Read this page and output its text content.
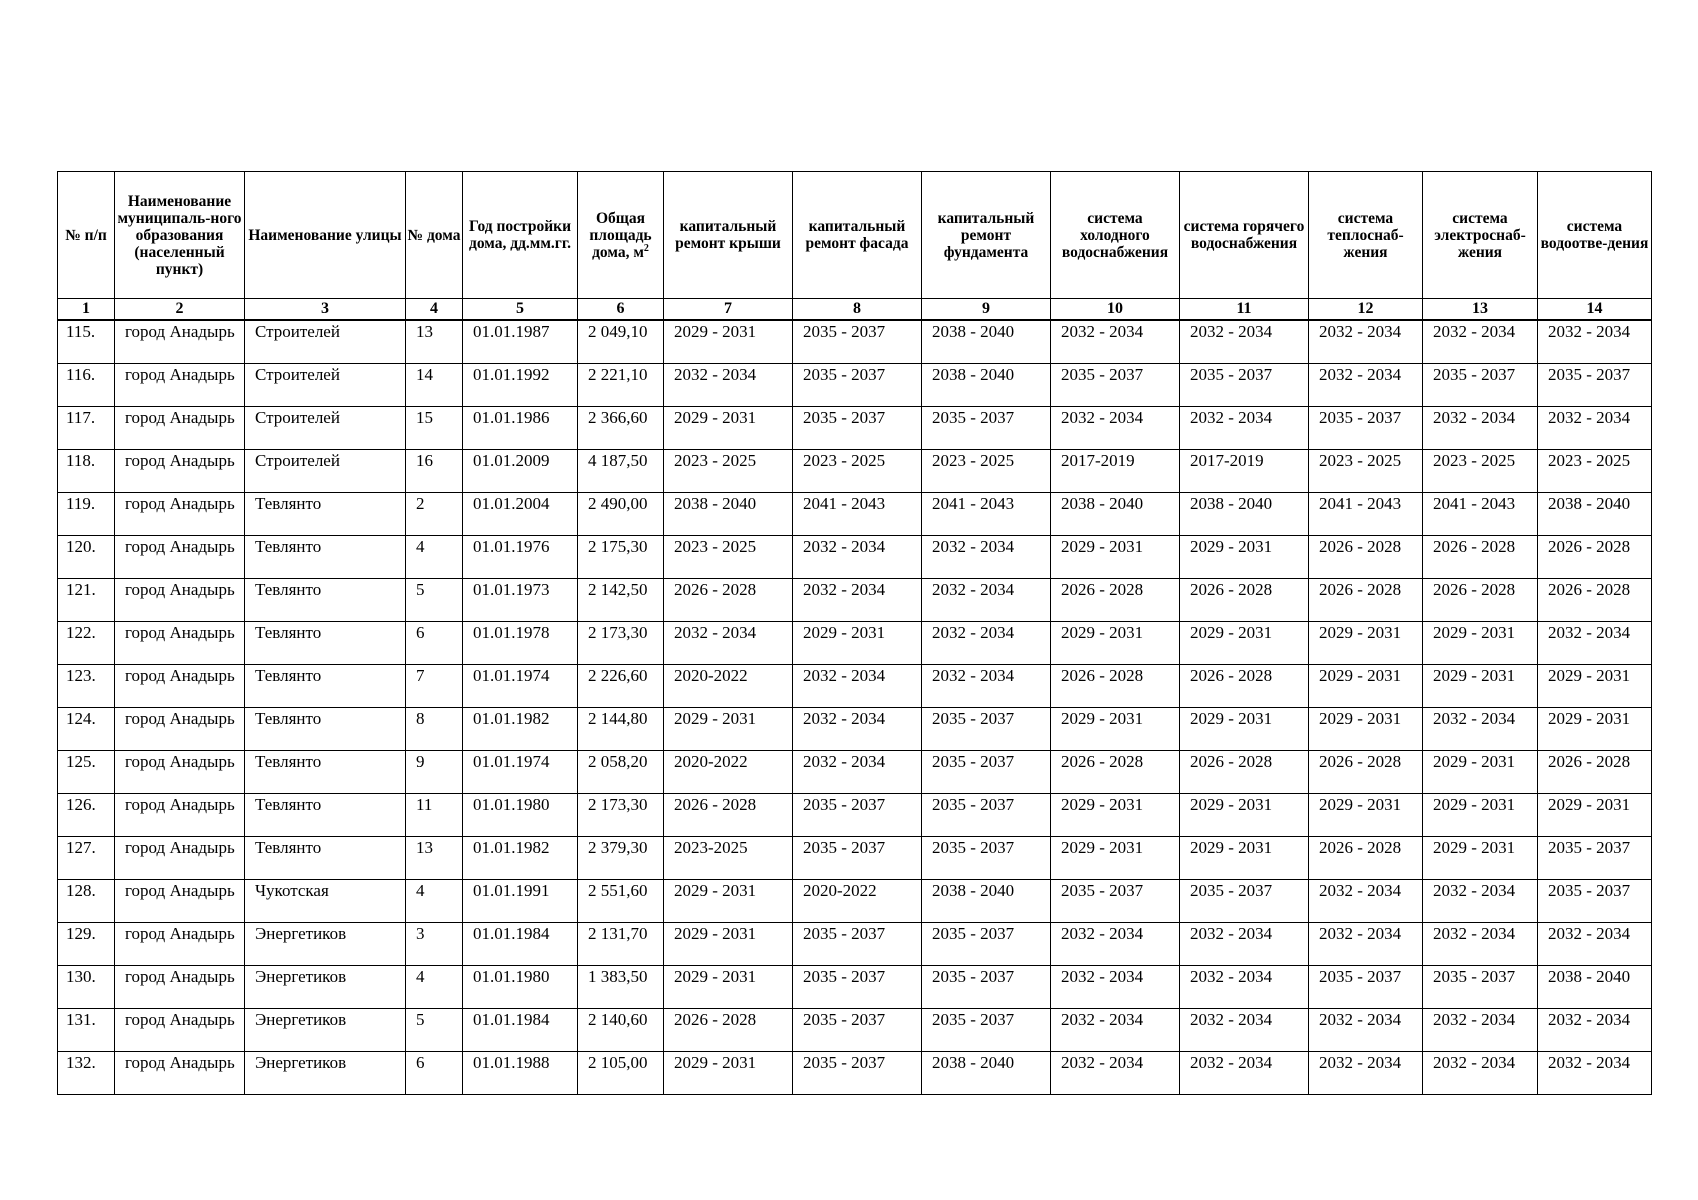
№ п/п	Наименование муниципаль-ного образования (населенный пункт)	Наименование улицы	№ дома	Год постройки дома, дд.мм.гг.	Общая площадь дома, $м^2$	капитальный ремонт крыши	капитальный ремонт фасада	капитальный ремонт фундамента	система холодного водоснабжения	система горячего водоснабжения	система теплоснаб-жения	система электроснаб-жения	система водоотве-дения
1	2	3	4	5	6	7	8	9	10	11	12	13	14
115.	город Анадырь	Строителей	13	01.01.1987	2 049,10	2029 - 2031	2035 - 2037	2038 - 2040	2032 - 2034	2032 - 2034	2032 - 2034	2032 - 2034	2032 - 2034
116.	город Анадырь	Строителей	14	01.01.1992	2 221,10	2032 - 2034	2035 - 2037	2038 - 2040	2035 - 2037	2035 - 2037	2032 - 2034	2035 - 2037	2035 - 2037
117.	город Анадырь	Строителей	15	01.01.1986	2 366,60	2029 - 2031	2035 - 2037	2035 - 2037	2032 - 2034	2032 - 2034	2035 - 2037	2032 - 2034	2032 - 2034
118.	город Анадырь	Строителей	16	01.01.2009	4 187,50	2023 - 2025	2023 - 2025	2023 - 2025	2017-2019	2017-2019	2023 - 2025	2023 - 2025	2023 - 2025
119.	город Анадырь	Тевлянто	2	01.01.2004	2 490,00	2038 - 2040	2041 - 2043	2041 - 2043	2038 - 2040	2038 - 2040	2041 - 2043	2041 - 2043	2038 - 2040
120.	город Анадырь	Тевлянто	4	01.01.1976	2 175,30	2023 - 2025	2032 - 2034	2032 - 2034	2029 - 2031	2029 - 2031	2026 - 2028	2026 - 2028	2026 - 2028
121.	город Анадырь	Тевлянто	5	01.01.1973	2 142,50	2026 - 2028	2032 - 2034	2032 - 2034	2026 - 2028	2026 - 2028	2026 - 2028	2026 - 2028	2026 - 2028
122.	город Анадырь	Тевлянто	6	01.01.1978	2 173,30	2032 - 2034	2029 - 2031	2032 - 2034	2029 - 2031	2029 - 2031	2029 - 2031	2029 - 2031	2032 - 2034
123.	город Анадырь	Тевлянто	7	01.01.1974	2 226,60	2020-2022	2032 - 2034	2032 - 2034	2026 - 2028	2026 - 2028	2029 - 2031	2029 - 2031	2029 - 2031
124.	город Анадырь	Тевлянто	8	01.01.1982	2 144,80	2029 - 2031	2032 - 2034	2035 - 2037	2029 - 2031	2029 - 2031	2029 - 2031	2032 - 2034	2029 - 2031
125.	город Анадырь	Тевлянто	9	01.01.1974	2 058,20	2020-2022	2032 - 2034	2035 - 2037	2026 - 2028	2026 - 2028	2026 - 2028	2029 - 2031	2026 - 2028
126.	город Анадырь	Тевлянто	11	01.01.1980	2 173,30	2026 - 2028	2035 - 2037	2035 - 2037	2029 - 2031	2029 - 2031	2029 - 2031	2029 - 2031	2029 - 2031
127.	город Анадырь	Тевлянто	13	01.01.1982	2 379,30	2023-2025	2035 - 2037	2035 - 2037	2029 - 2031	2029 - 2031	2026 - 2028	2029 - 2031	2035 - 2037
128.	город Анадырь	Чукотская	4	01.01.1991	2 551,60	2029 - 2031	2020-2022	2038 - 2040	2035 - 2037	2035 - 2037	2032 - 2034	2032 - 2034	2035 - 2037
129.	город Анадырь	Энергетиков	3	01.01.1984	2 131,70	2029 - 2031	2035 - 2037	2035 - 2037	2032 - 2034	2032 - 2034	2032 - 2034	2032 - 2034	2032 - 2034
130.	город Анадырь	Энергетиков	4	01.01.1980	1 383,50	2029 - 2031	2035 - 2037	2035 - 2037	2032 - 2034	2032 - 2034	2035 - 2037	2035 - 2037	2038 - 2040
131.	город Анадырь	Энергетиков	5	01.01.1984	2 140,60	2026 - 2028	2035 - 2037	2035 - 2037	2032 - 2034	2032 - 2034	2032 - 2034	2032 - 2034	2032 - 2034
132.	город Анадырь	Энергетиков	6	01.01.1988	2 105,00	2029 - 2031	2035 - 2037	2038 - 2040	2032 - 2034	2032 - 2034	2032 - 2034	2032 - 2034	2032 - 2034
